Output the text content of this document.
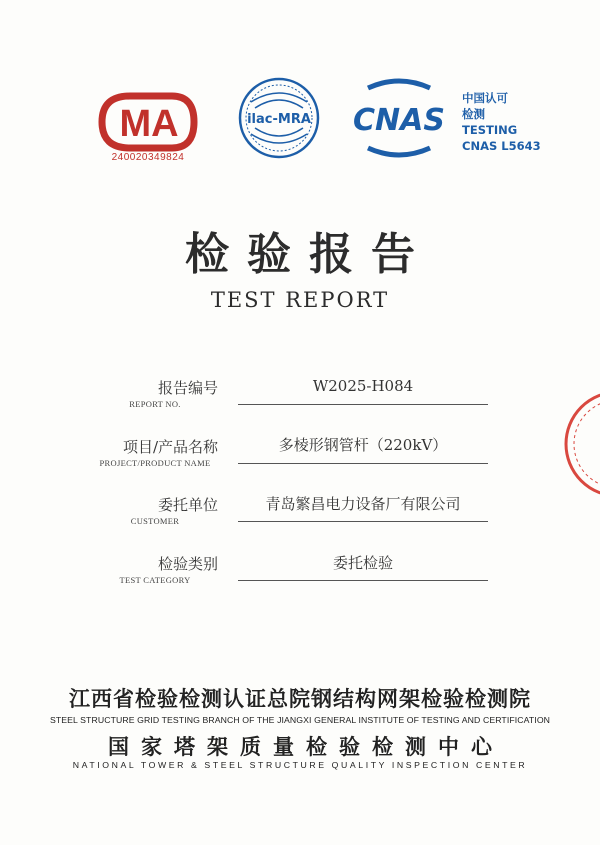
MA
240020349824
ilac-MRA CNAS
中国认可
检测
TESTING
CNAS L5643
检验报告
TEST REPORT
报告编号
REPORT NO.
W2025-H084
项目/产品名称
PROJECT/PRODUCT NAME
多棱形钢管杆（220kV）
委托单位
CUSTOMER
青岛繁昌电力设备厂有限公司
检验类别
TEST CATEGORY
委托检验
江西省检验检测认证总院钢结构网架检验检测院
STEEL STRUCTURE GRID TESTING BRANCH OF THE JIANGXI GENERAL INSTITUTE OF TESTING AND CERTIFICATION
国家塔架质量检验检测中心
NATIONAL TOWER & STEEL STRUCTURE QUALITY INSPECTION CENTER
